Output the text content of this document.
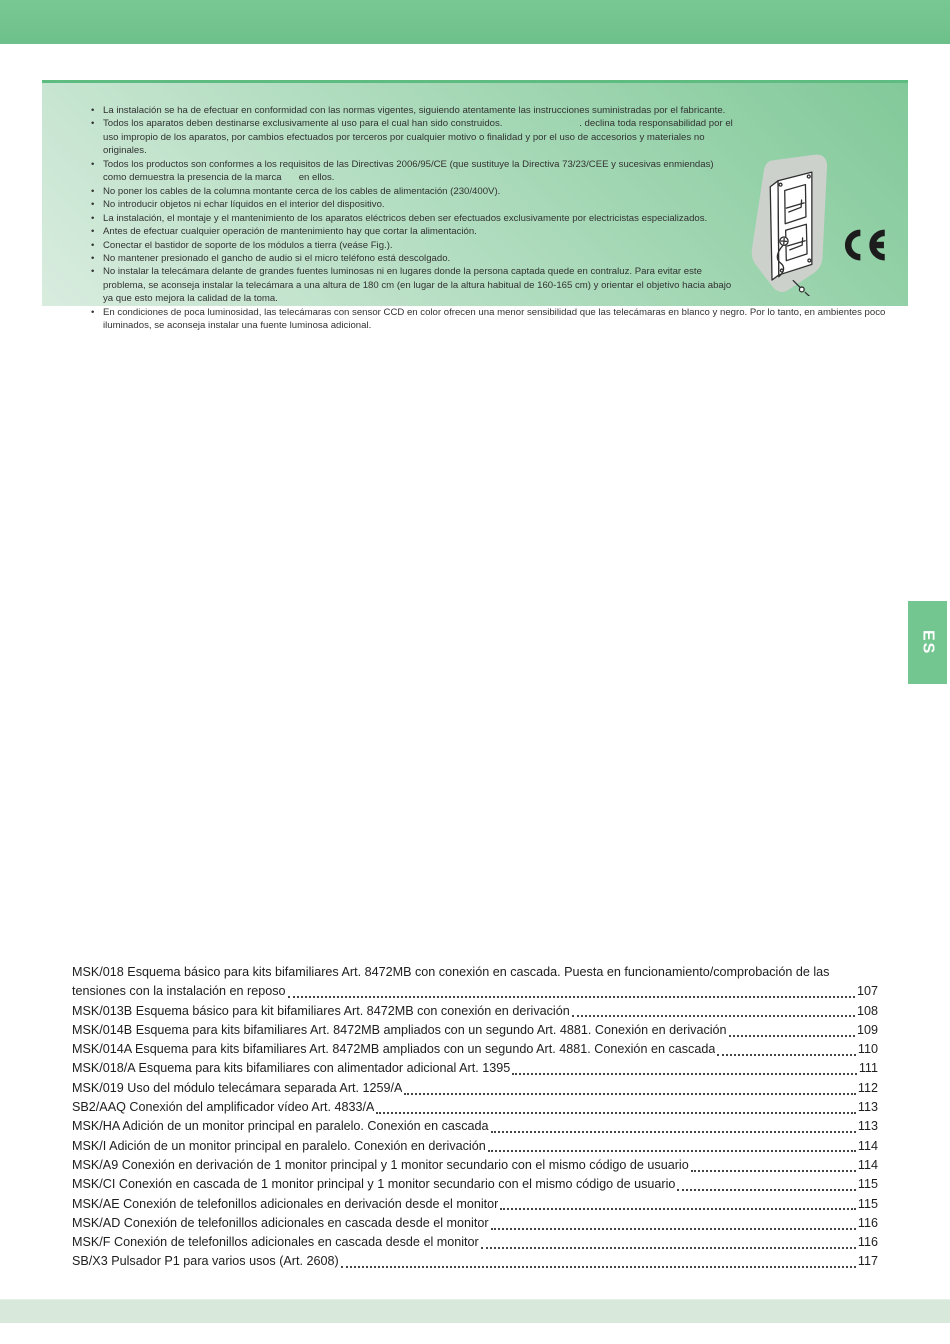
• La instalación se ha de efectuar en conformidad con las normas vigentes, siguiendo atentamente las instrucciones suministradas por el fabricante.
• Todos los aparatos deben destinarse exclusivamente al uso para el cual han sido construidos.        . declina toda responsabilidad por el uso impropio de los aparatos, por cambios efectuados por terceros por cualquier motivo o finalidad y por el uso de accesorios y materiales no originales.
• Todos los productos son conformes a los requisitos de las Directivas 2006/95/CE (que sustituye la Directiva 73/23/CEE y sucesivas enmiendas) como demuestra la presencia de la marca   en ellos.
• No poner los cables de la columna montante cerca de los cables de alimentación (230/400V).
• No introducir objetos ni echar líquidos en el interior del dispositivo.
• La instalación, el montaje y el mantenimiento de los aparatos eléctricos deben ser efectuados exclusivamente por electricistas especializados.
• Antes de efectuar cualquier operación de mantenimiento hay que cortar la alimentación.
• Conectar el bastidor de soporte de los módulos a tierra (veáse Fig.).
• No mantener presionado el gancho de audio si el micro teléfono está descolgado.
• No instalar la telecámara delante de grandes fuentes luminosas ni en lugares donde la persona captada quede en contraluz. Para evitar este problema, se aconseja instalar la telecámara a una altura de 180 cm (en lugar de la altura habitual de 160-165 cm) y orientar el objetivo hacia abajo ya que esto mejora la calidad de la toma.
• En condiciones de poca luminosidad, las telecámaras con sensor CCD en color ofrecen una menor sensibilidad que las telecámaras en blanco y negro. Por lo tanto, en ambientes poco iluminados, se aconseja instalar una fuente luminosa adicional.
ES
MSK/018 Esquema básico para kits bifamiliares Art. 8472MB con conexión en cascada. Puesta en funcionamiento/comprobación de las
tensiones con la instalación en reposo	107
MSK/013B Esquema básico para kit bifamiliares Art. 8472MB con conexión en derivación	108
MSK/014B Esquema para kits bifamiliares Art. 8472MB ampliados con un segundo Art. 4881. Conexión en derivación	109
MSK/014A Esquema para kits bifamiliares Art. 8472MB ampliados con un segundo Art. 4881. Conexión en cascada	110
MSK/018/A Esquema para kits bifamiliares con alimentador adicional Art. 1395	111
MSK/019 Uso del módulo telecámara separada Art. 1259/A	112
SB2/AAQ Conexión del amplificador vídeo Art. 4833/A	113
MSK/HA Adición de un monitor principal en paralelo. Conexión en cascada	113
MSK/I Adición de un monitor principal en paralelo. Conexión en derivación	114
MSK/A9 Conexión en derivación de 1 monitor principal y 1 monitor secundario con el mismo código de usuario	114
MSK/CI Conexión en cascada de 1 monitor principal y 1 monitor secundario con el mismo código de usuario	115
MSK/AE Conexión de telefonillos adicionales en derivación desde el monitor	115
MSK/AD Conexión de telefonillos adicionales en cascada desde el monitor	116
MSK/F Conexión de telefonillos adicionales en cascada desde el monitor	116
SB/X3 Pulsador P1 para varios usos (Art. 2608)	117
